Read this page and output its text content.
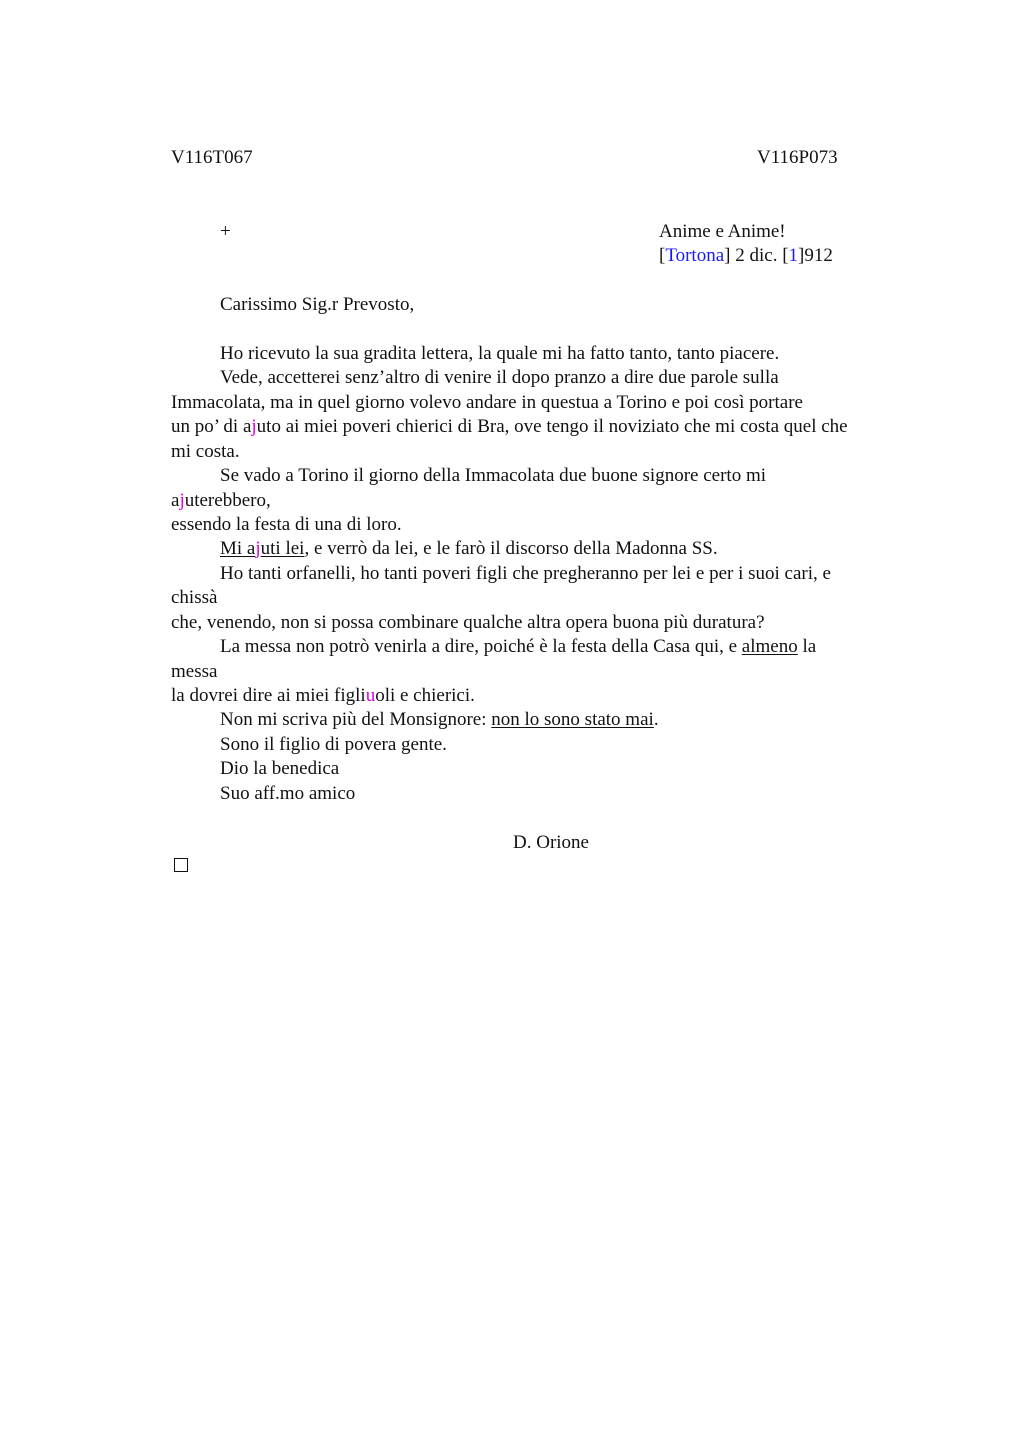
V116T067	V116P073
+	Anime e Anime!
[Tortona] 2 dic. [1]912
Carissimo Sig.r Prevosto,
Ho ricevuto la sua gradita lettera, la quale mi ha fatto tanto, tanto piacere.
Vede, accetterei senz’altro di venire il dopo pranzo a dire due parole sulla
Immacolata, ma in quel giorno volevo andare in questua a Torino e poi così portare
un po’ di ajuto ai miei poveri chierici di Bra, ove tengo il noviziato che mi costa quel che
mi costa.
Se vado a Torino il giorno della Immacolata due buone signore certo mi
ajuterebbero,
essendo la festa di una di loro.
Mi ajuti lei, e verrò da lei, e le farò il discorso della Madonna SS.
Ho tanti orfanelli, ho tanti poveri figli che pregheranno per lei e per i suoi cari, e
chissà
che, venendo, non si possa combinare qualche altra opera buona più duratura?
La messa non potrò venirla a dire, poiché è la festa della Casa qui, e almeno la
messa
la dovrei dire ai miei figliuoli e chierici.
Non mi scriva più del Monsignore: non lo sono stato mai.
Sono il figlio di povera gente.
Dio la benedica
Suo aff.mo amico
D. Orione
